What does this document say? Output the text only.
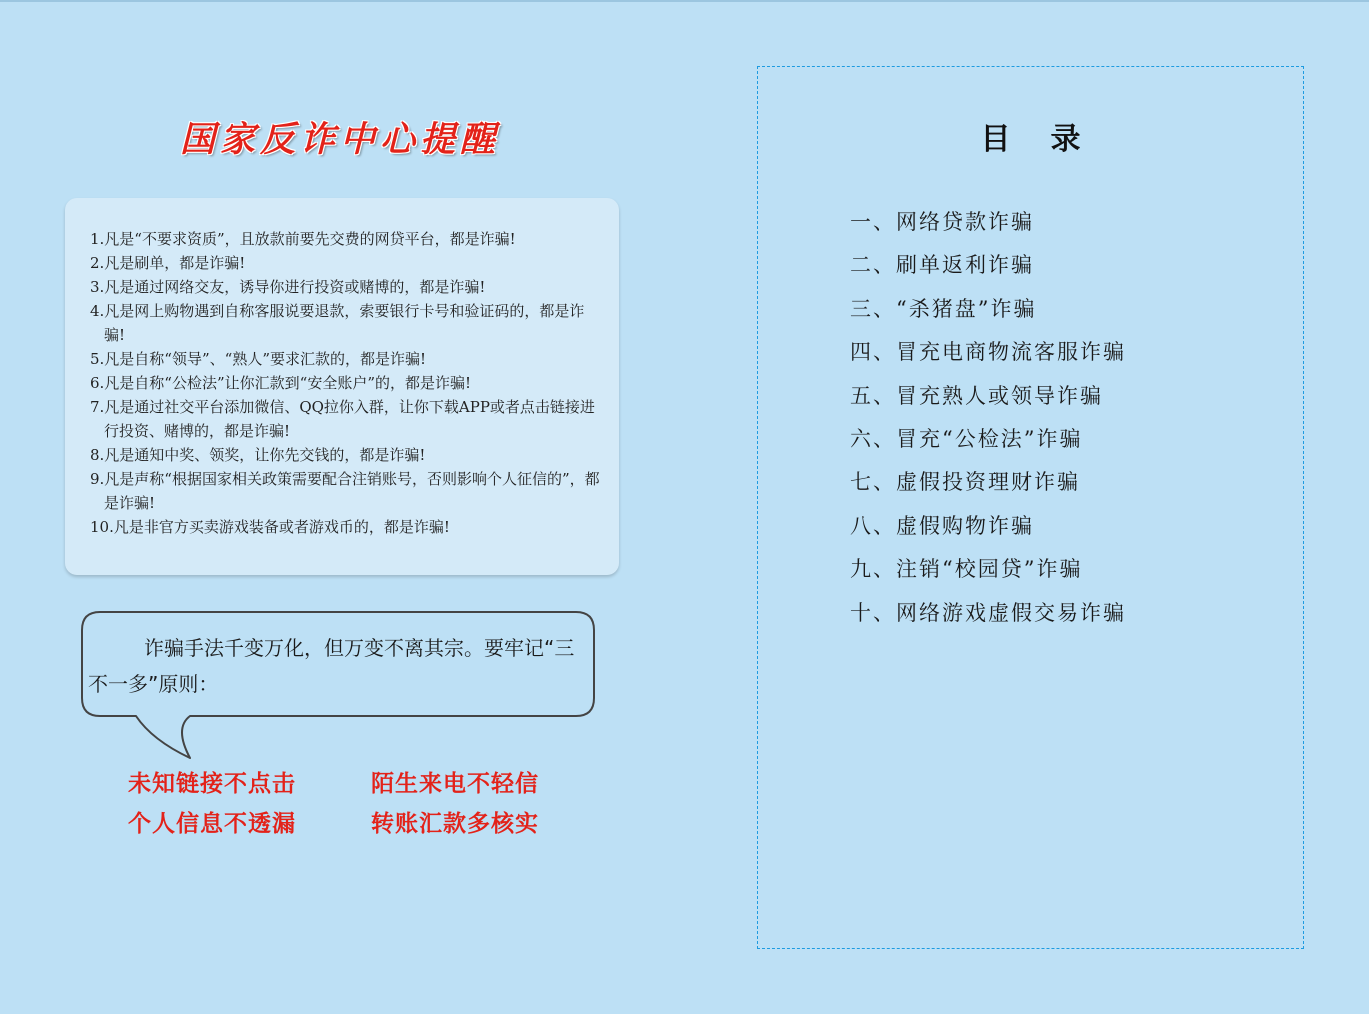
国家反诈中心提醒
1.凡是“不要求资质”，且放款前要先交费的网贷平台，都是诈骗!
2.凡是刷单，都是诈骗!
3.凡是通过网络交友，诱导你进行投资或赌博的，都是诈骗!
4.凡是网上购物遇到自称客服说要退款，索要银行卡号和验证码的，都是诈骗!
5.凡是自称“领导”、“熟人”要求汇款的，都是诈骗!
6.凡是自称“公检法”让你汇款到“安全账户”的，都是诈骗!
7.凡是通过社交平台添加微信、QQ拉你入群，让你下载APP或者点击链接进行投资、赌博的，都是诈骗!
8.凡是通知中奖、领奖，让你先交钱的，都是诈骗!
9.凡是声称“根据国家相关政策需要配合注销账号，否则影响个人征信的”，都是诈骗!
10.凡是非官方买卖游戏装备或者游戏币的，都是诈骗!

诈骗手法千变万化，但万变不离其宗。要牢记“三不一多”原则：

未知链接不点击	陌生来电不轻信
个人信息不透漏	转账汇款多核实
目录
一、网络贷款诈骗
二、刷单返利诈骗
三、“杀猪盘”诈骗
四、冒充电商物流客服诈骗
五、冒充熟人或领导诈骗
六、冒充“公检法”诈骗
七、虚假投资理财诈骗
八、虚假购物诈骗
九、注销“校园贷”诈骗
十、网络游戏虚假交易诈骗
